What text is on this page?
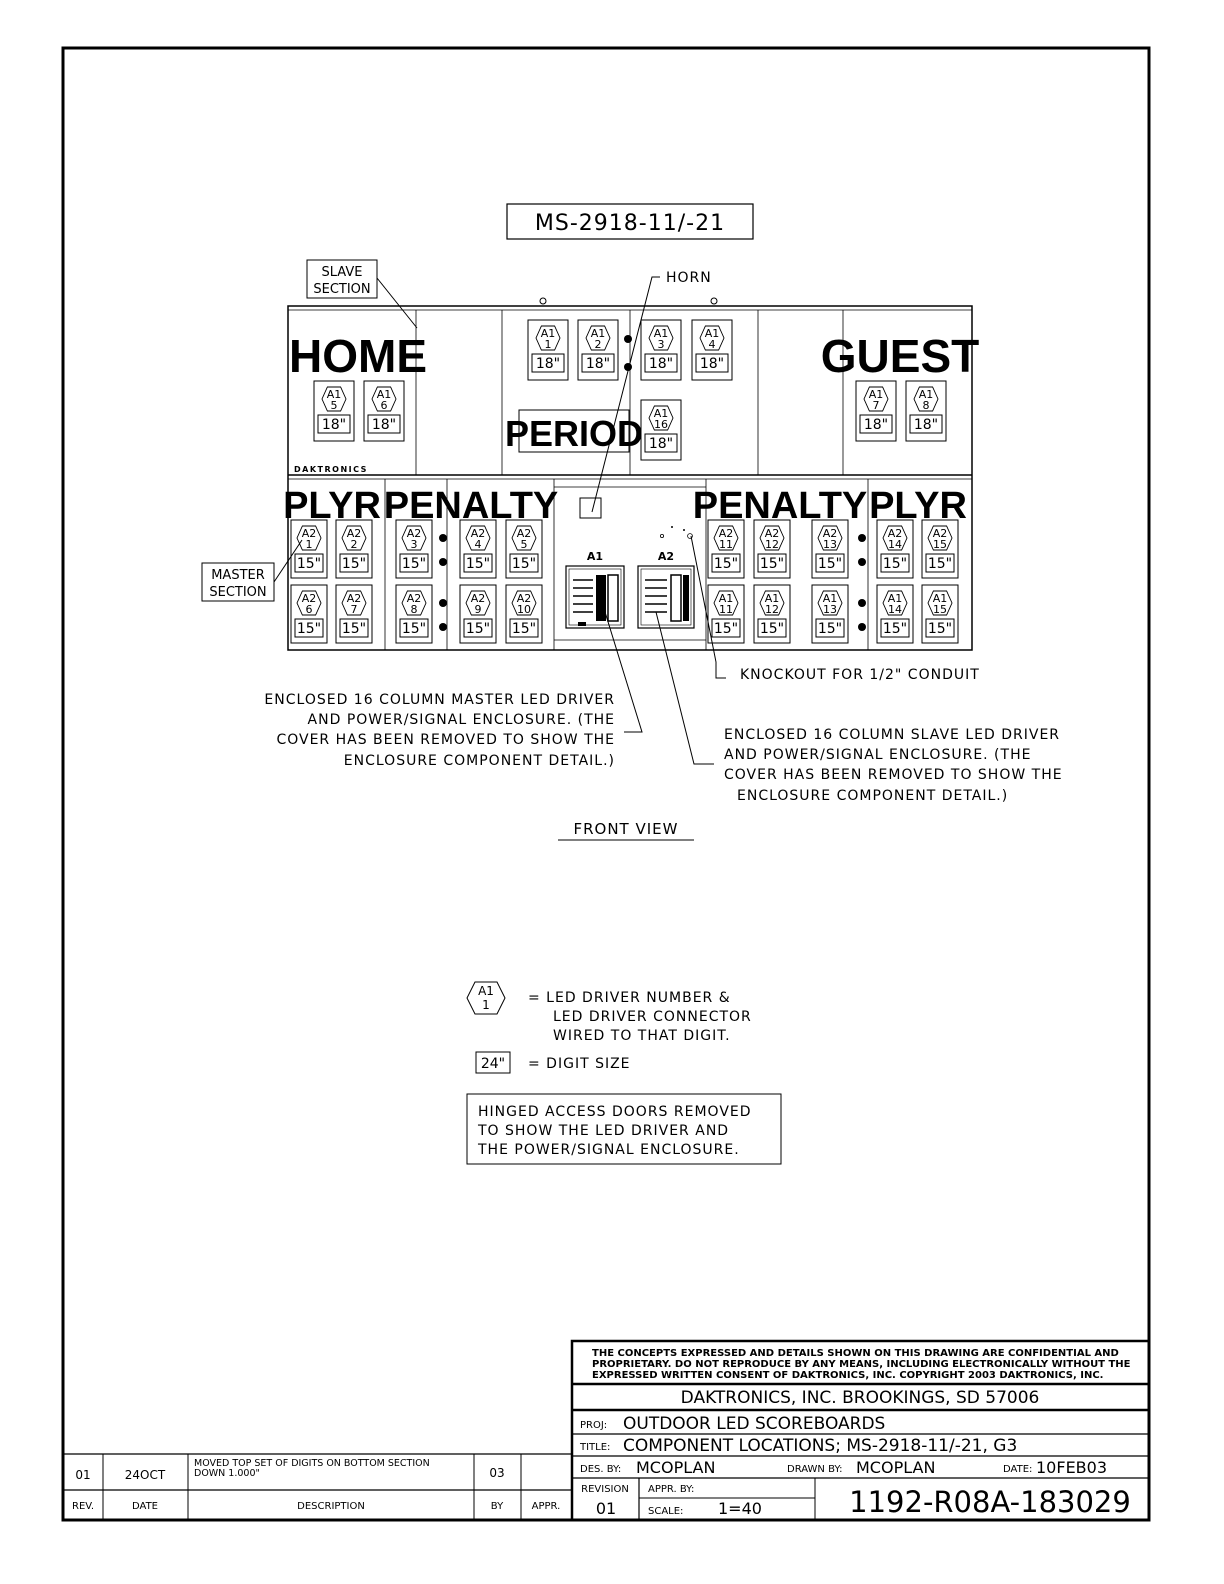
MS-2918-11/-21
SLAVE
SECTION
HORN
HOME	GUEST
PERIOD
DAKTRONICS
PLYR PENALTY	PENALTY PLYR
A1	A2
A1
1
18"
A1
2
18"
A1
3
18"
A1
4
18"
A1
5
18"
A1
6
18"
A1
16
18"
A1
7
18"
A1
8
18"
A2
1
15"
A2
2
15"
A2
3
15"
A2
4
15"
A2
5
15"
A2
11
15"
A2
12
15"
A2
13
15"
A2
14
15"
A2
15
15"
A2
6
15"
A2
7
15"
A2
8
15"
A2
9
15"
A2
10
15"
A1
11
15"
A1
12
15"
A1
13
15"
A1
14
15"
A1
15
15"
MASTER
SECTION
KNOCKOUT FOR 1/2" CONDUIT
ENCLOSED 16 COLUMN MASTER LED DRIVER
AND POWER/SIGNAL ENCLOSURE. (THE
COVER HAS BEEN REMOVED TO SHOW THE
ENCLOSURE COMPONENT DETAIL.)
ENCLOSED 16 COLUMN SLAVE LED DRIVER
AND POWER/SIGNAL ENCLOSURE. (THE
COVER HAS BEEN REMOVED TO SHOW THE
ENCLOSURE COMPONENT DETAIL.)
FRONT VIEW
A1
1	= LED DRIVER NUMBER &
LED DRIVER CONNECTOR
WIRED TO THAT DIGIT.
24" = DIGIT SIZE
HINGED ACCESS DOORS REMOVED
TO SHOW THE LED DRIVER AND
THE POWER/SIGNAL ENCLOSURE.
THE CONCEPTS EXPRESSED AND DETAILS SHOWN ON THIS DRAWING ARE CONFIDENTIAL AND
PROPRIETARY. DO NOT REPRODUCE BY ANY MEANS, INCLUDING ELECTRONICALLY WITHOUT THE
EXPRESSED WRITTEN CONSENT OF DAKTRONICS, INC. COPYRIGHT 2003 DAKTRONICS, INC.
DAKTRONICS, INC. BROOKINGS, SD 57006
PROJ: OUTDOOR LED SCOREBOARDS
TITLE: COMPONENT LOCATIONS; MS-2918-11/-21, G3
DES. BY: MCOPLAN	DRAWN BY: MCOPLAN	DATE: 10FEB03
REVISION
01
APPR. BY:
SCALE: 1=40	1192-R08A-183029
01	24OCT
MOVED TOP SET OF DIGITS ON BOTTOM SECTION
DOWN 1.000"	03
REV.	DATE	DESCRIPTION	BY	APPR.
